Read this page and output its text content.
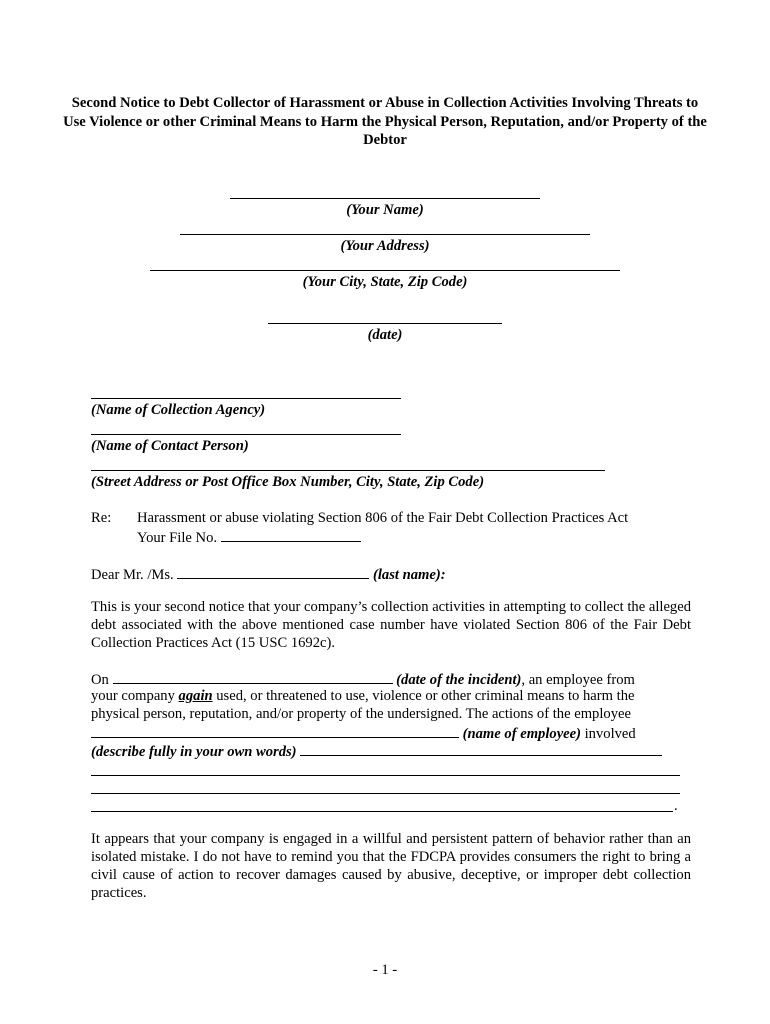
Second Notice to Debt Collector of Harassment or Abuse in Collection Activities Involving Threats to Use Violence or other Criminal Means to Harm the Physical Person, Reputation, and/or Property of the Debtor
(Your Name)
(Your Address)
(Your City, State, Zip Code)
(date)
(Name of Collection Agency)
(Name of Contact Person)
(Street Address or Post Office Box Number, City, State, Zip Code)
Re: Harassment or abuse violating Section 806 of the Fair Debt Collection Practices Act
Your File No.
Dear Mr. /Ms.	(last name):
This is your second notice that your company’s collection activities in attempting to collect the alleged debt associated with the above mentioned case number have violated Section 806 of the Fair Debt Collection Practices Act (15 USC 1692c).
On	(date of the incident), an employee from
your company again used, or threatened to use, violence or other criminal means to harm the
physical person, reputation, and/or property of the undersigned. The actions of the employee
(name of employee) involved
(describe fully in your own words)
.
It appears that your company is engaged in a willful and persistent pattern of behavior rather than an isolated mistake. I do not have to remind you that the FDCPA provides consumers the right to bring a civil cause of action to recover damages caused by abusive, deceptive, or improper debt collection practices.
- 1 -
